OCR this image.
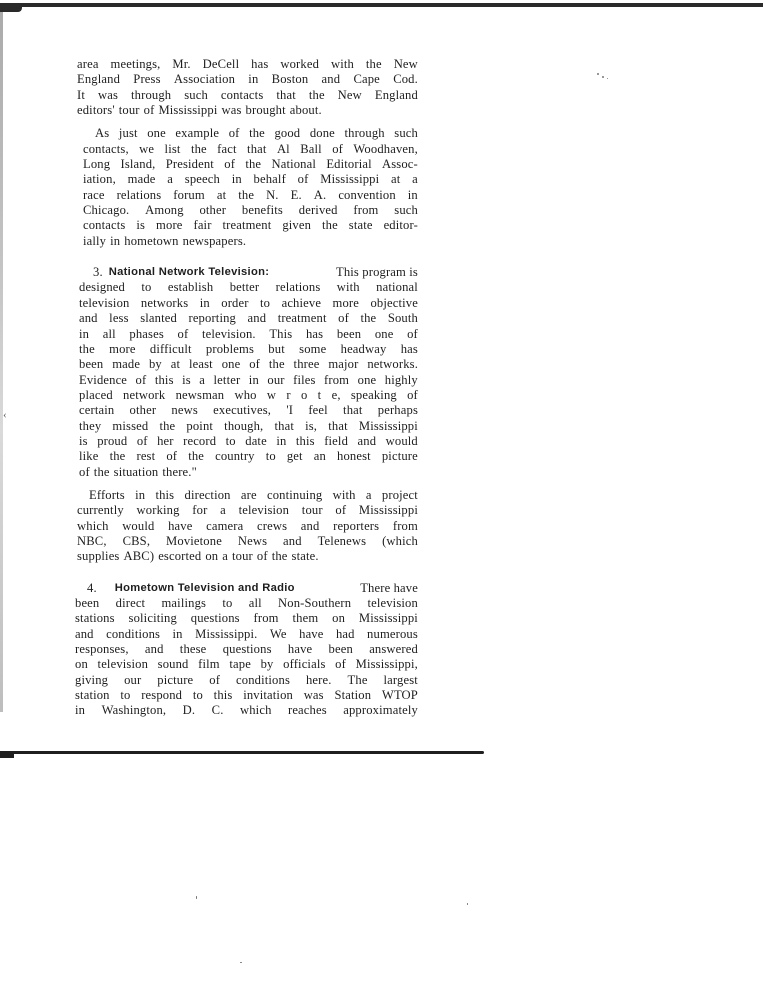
‹
area meetings, Mr. DeCell has worked with the New
England Press Association in Boston and Cape Cod.
It was through such contacts that the New England
editors' tour of Mississippi was brought about.
As just one example of the good done through such
contacts, we list the fact that Al Ball of Woodhaven,
Long Island, President of the National Editorial Assoc-
iation, made a speech in behalf of Mississippi at a
race relations forum at the N. E. A. convention in
Chicago. Among other benefits derived from such
contacts is more fair treatment given the state editor-
ially in hometown newspapers.
3. National Network Television:	This program is
designed to establish better relations with national
television networks in order to achieve more objective
and less slanted reporting and treatment of the South
in all phases of television. This has been one of
the more difficult problems but some headway has
been made by at least one of the three major networks.
Evidence of this is a letter in our files from one highly
placed network newsman who w r o t e, speaking of
certain other news executives, 'I feel that perhaps
they missed the point though, that is, that Mississippi
is proud of her record to date in this field and would
like the rest of the country to get an honest picture
of the situation there."
Efforts in this direction are continuing with a project
currently working for a television tour of Mississippi
which would have camera crews and reporters from
NBC, CBS, Movietone News and Telenews (which
supplies ABC) escorted on a tour of the state.
4. Hometown Television and Radio	There have
been direct mailings to all Non-Southern television
stations soliciting questions from them on Mississippi
and conditions in Mississippi. We have had numerous
responses, and these questions have been answered
on television sound film tape by officials of Mississippi,
giving our picture of conditions here. The largest
station to respond to this invitation was Station WTOP
in Washington, D. C. which reaches approximately
